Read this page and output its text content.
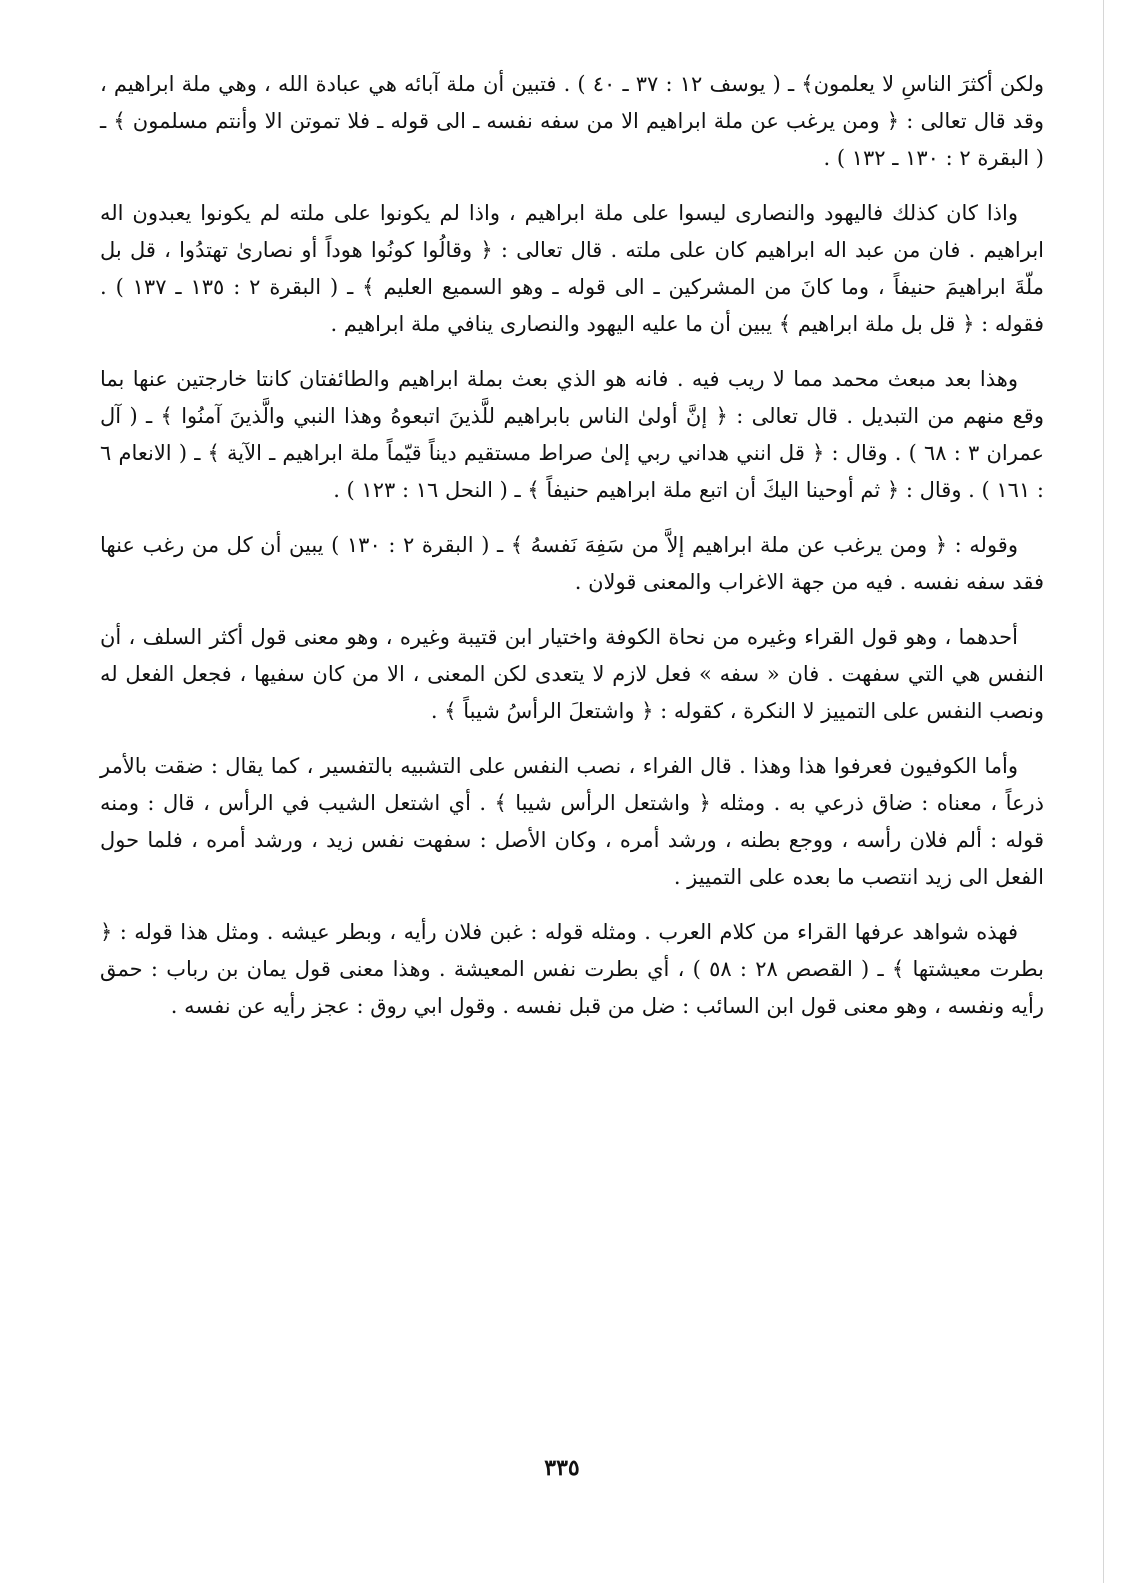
ولكن أكثرَ الناسِ لا يعلمون﴾ ـ ( يوسف ١٢ : ٣٧ ـ ٤٠ ) . فتبين أن ملة آبائه هي عبادة الله ، وهي ملة ابراهيم ، وقد قال تعالى : ﴿ ومن يرغب عن ملة ابراهيم الا من سفه نفسه ـ الى قوله ـ فلا تموتن الا وأنتم مسلمون ﴾ ـ ( البقرة ٢ : ١٣٠ ـ ١٣٢ ) .

واذا كان كذلك فاليهود والنصارى ليسوا على ملة ابراهيم ، واذا لم يكونوا على ملته لم يكونوا يعبدون اله ابراهيم . فان من عبد اله ابراهيم كان على ملته . قال تعالى : ﴿ وقالُوا كونُوا هوداً أو نصارىٰ تهتدُوا ، قل بل ملّةَ ابراهيمَ حنيفاً ، وما كانَ من المشركين ـ الى قوله ـ وهو السميع العليم ﴾ ـ ( البقرة ٢ : ١٣٥ ـ ١٣٧ ) . فقوله : ﴿ قل بل ملة ابراهيم ﴾ يبين أن ما عليه اليهود والنصارى ينافي ملة ابراهيم .

وهذا بعد مبعث محمد مما لا ريب فيه . فانه هو الذي بعث بملة ابراهيم والطائفتان كانتا خارجتين عنها بما وقع منهم من التبديل . قال تعالى : ﴿ إنَّ أولىٰ الناس بابراهيم للَّذينَ اتبعوهُ وهذا النبي والَّذينَ آمنُوا ﴾ ـ ( آل عمران ٣ : ٦٨ ) . وقال : ﴿ قل انني هداني ربي إلىٰ صراط مستقيم ديناً قيّماً ملة ابراهيم ـ الآية ﴾ ـ ( الانعام ٦ : ١٦١ ) . وقال : ﴿ ثم أوحينا اليكَ أن اتبع ملة ابراهيم حنيفاً ﴾ ـ ( النحل ١٦ : ١٢٣ ) .

وقوله : ﴿ ومن يرغب عن ملة ابراهيم إلاَّ من سَفِهَ نَفسهُ ﴾ ـ ( البقرة ٢ : ١٣٠ ) يبين أن كل من رغب عنها فقد سفه نفسه . فيه من جهة الاغراب والمعنى قولان .

أحدهما ، وهو قول القراء وغيره من نحاة الكوفة واختيار ابن قتيبة وغيره ، وهو معنى قول أكثر السلف ، أن النفس هي التي سفهت . فان « سفه » فعل لازم لا يتعدى لكن المعنى ، الا من كان سفيها ، فجعل الفعل له ونصب النفس على التمييز لا النكرة ، كقوله : ﴿ واشتعلَ الرأسُ شيباً ﴾ .

وأما الكوفيون فعرفوا هذا وهذا . قال الفراء ، نصب النفس على التشبيه بالتفسير ، كما يقال : ضقت بالأمر ذرعاً ، معناه : ضاق ذرعي به . ومثله ﴿ واشتعل الرأس شيبا ﴾ . أي اشتعل الشيب في الرأس ، قال : ومنه قوله : ألم فلان رأسه ، ووجع بطنه ، ورشد أمره ، وكان الأصل : سفهت نفس زيد ، ورشد أمره ، فلما حول الفعل الى زيد انتصب ما بعده على التمييز .

فهذه شواهد عرفها القراء من كلام العرب . ومثله قوله : غبن فلان رأيه ، وبطر عيشه . ومثل هذا قوله : ﴿ بطرت معيشتها ﴾ ـ ( القصص ٢٨ : ٥٨ ) ، أي بطرت نفس المعيشة . وهذا معنى قول يمان بن رباب : حمق رأيه ونفسه ، وهو معنى قول ابن السائب : ضل من قبل نفسه . وقول ابي روق : عجز رأيه عن نفسه .

٣٣٥
